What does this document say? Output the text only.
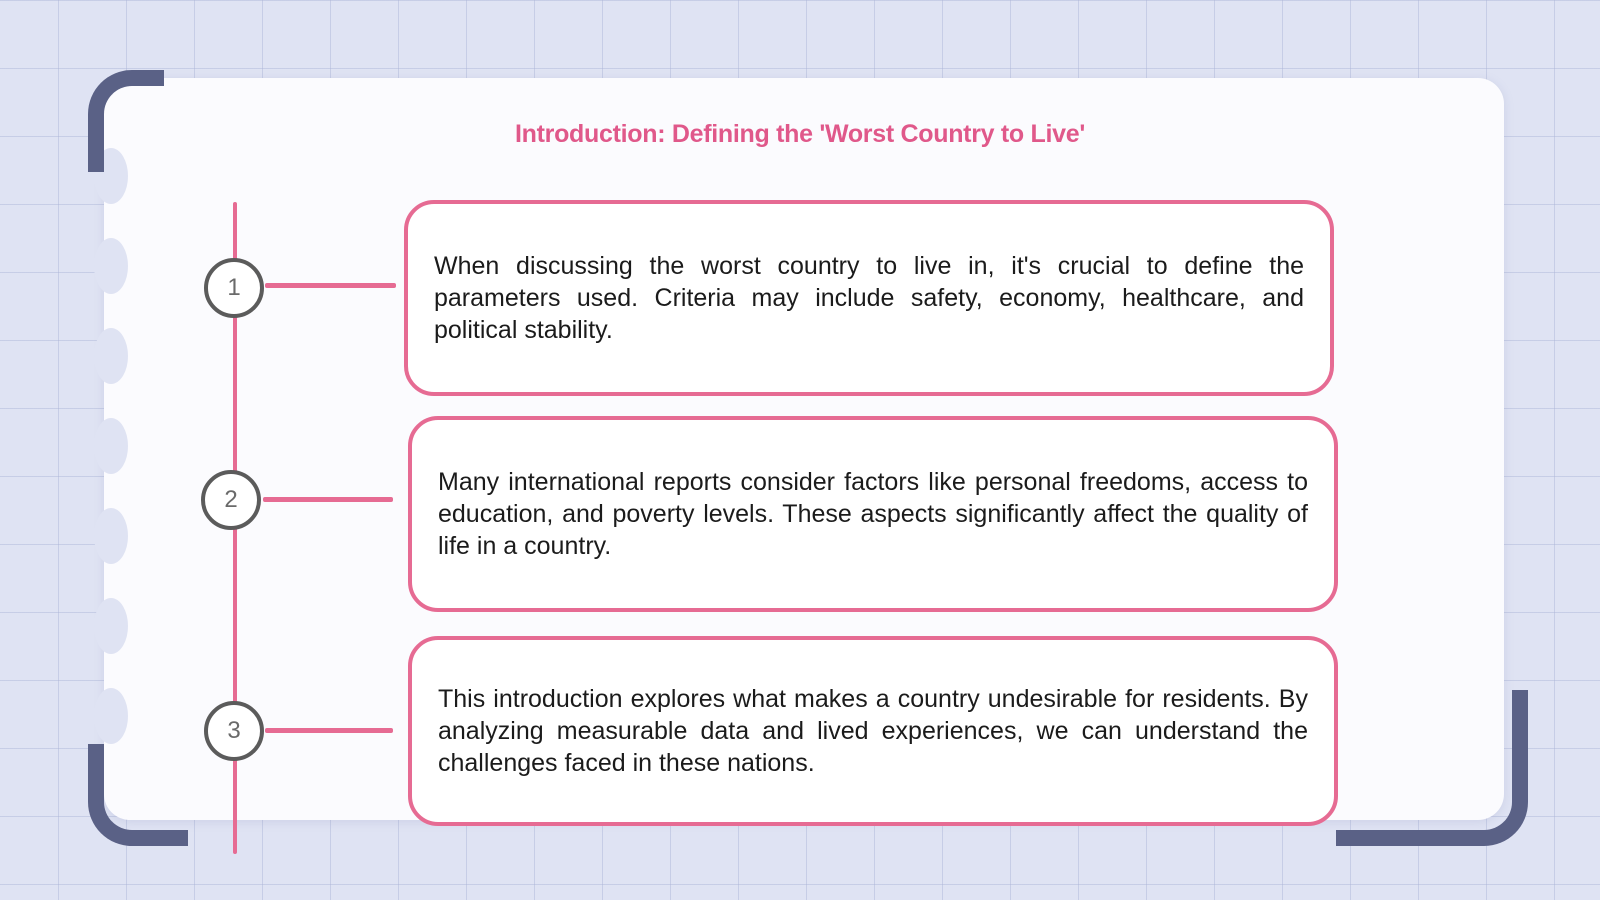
Introduction: Defining the 'Worst Country to Live'
1

When discussing the worst country to live in, it's crucial to define the parameters used. Criteria may include safety, economy, healthcare, and political stability.

2

Many international reports consider factors like personal freedoms, access to education, and poverty levels. These aspects significantly affect the quality of life in a country.

3

This introduction explores what makes a country undesirable for residents. By analyzing measurable data and lived experiences, we can understand the challenges faced in these nations.
